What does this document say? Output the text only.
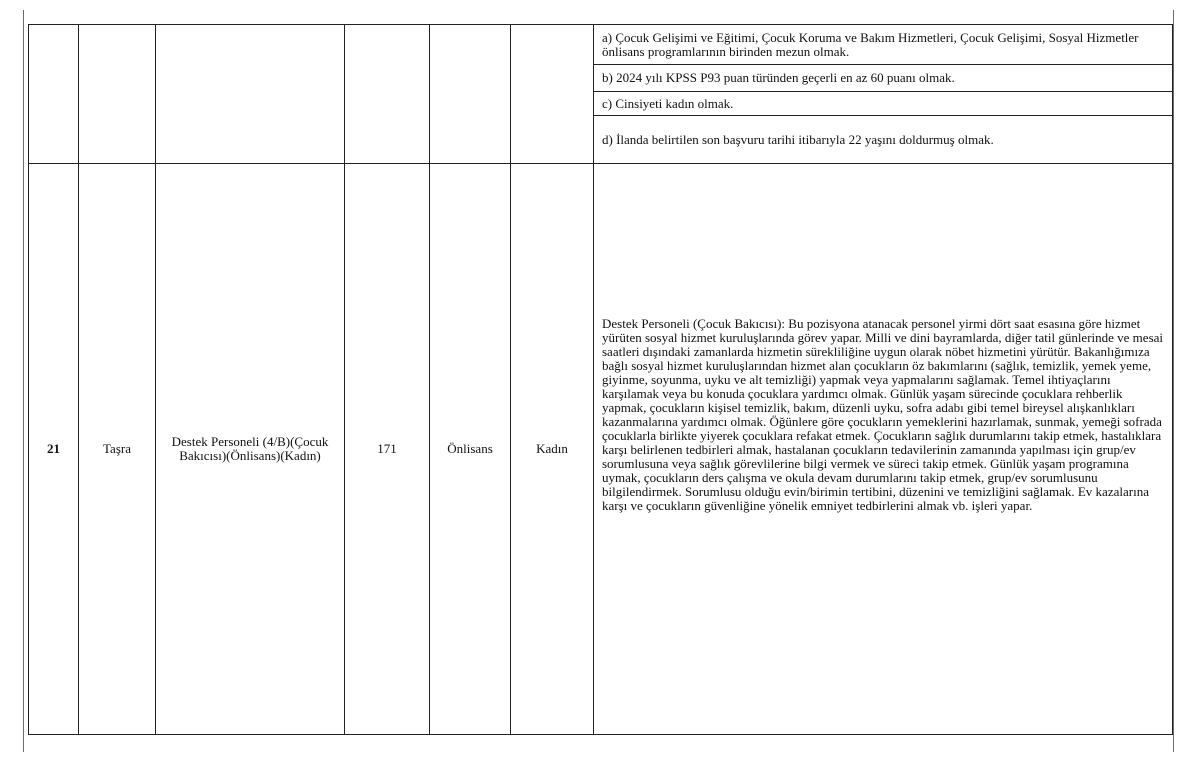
						a) Çocuk Gelişimi ve Eğitimi, Çocuk Koruma ve Bakım Hizmetleri, Çocuk Gelişimi, Sosyal Hizmetler önlisans programlarının birinden mezun olmak.
						b) 2024 yılı KPSS P93 puan türünden geçerli en az 60 puanı olmak.
						c) Cinsiyeti kadın olmak.
						d) İlanda belirtilen son başvuru tarihi itibarıyla 22 yaşını doldurmuş olmak.
21	Taşra	Destek Personeli (4/B)(Çocuk Bakıcısı)(Önlisans)(Kadın)	171	Önlisans	Kadın	Destek Personeli (Çocuk Bakıcısı): Bu pozisyona atanacak personel yirmi dört saat esasına göre hizmet yürüten sosyal hizmet kuruluşlarında görev yapar. Milli ve dini bayramlarda, diğer tatil günlerinde ve mesai saatleri dışındaki zamanlarda hizmetin sürekliliğine uygun olarak nöbet hizmetini yürütür. Bakanlığımıza bağlı sosyal hizmet kuruluşlarından hizmet alan çocukların öz bakımlarını (sağlık, temizlik, yemek yeme, giyinme, soyunma, uyku ve alt temizliği) yapmak veya yapmalarını sağlamak. Temel ihtiyaçlarını karşılamak veya bu konuda çocuklara yardımcı olmak. Günlük yaşam sürecinde çocuklara rehberlik yapmak, çocukların kişisel temizlik, bakım, düzenli uyku, sofra adabı gibi temel bireysel alışkanlıkları kazanmalarına yardımcı olmak. Öğünlere göre çocukların yemeklerini hazırlamak, sunmak, yemeği sofrada çocuklarla birlikte yiyerek çocuklara refakat etmek. Çocukların sağlık durumlarını takip etmek, hastalıklara karşı belirlenen tedbirleri almak, hastalanan çocukların tedavilerinin zamanında yapılması için grup/ev sorumlusuna veya sağlık görevlilerine bilgi vermek ve süreci takip etmek. Günlük yaşam programına uymak, çocukların ders çalışma ve okula devam durumlarını takip etmek, grup/ev sorumlusunu bilgilendirmek. Sorumlusu olduğu evin/birimin tertibini, düzenini ve temizliğini sağlamak. Ev kazalarına karşı ve çocukların güvenliğine yönelik emniyet tedbirlerini almak vb. işleri yapar.
